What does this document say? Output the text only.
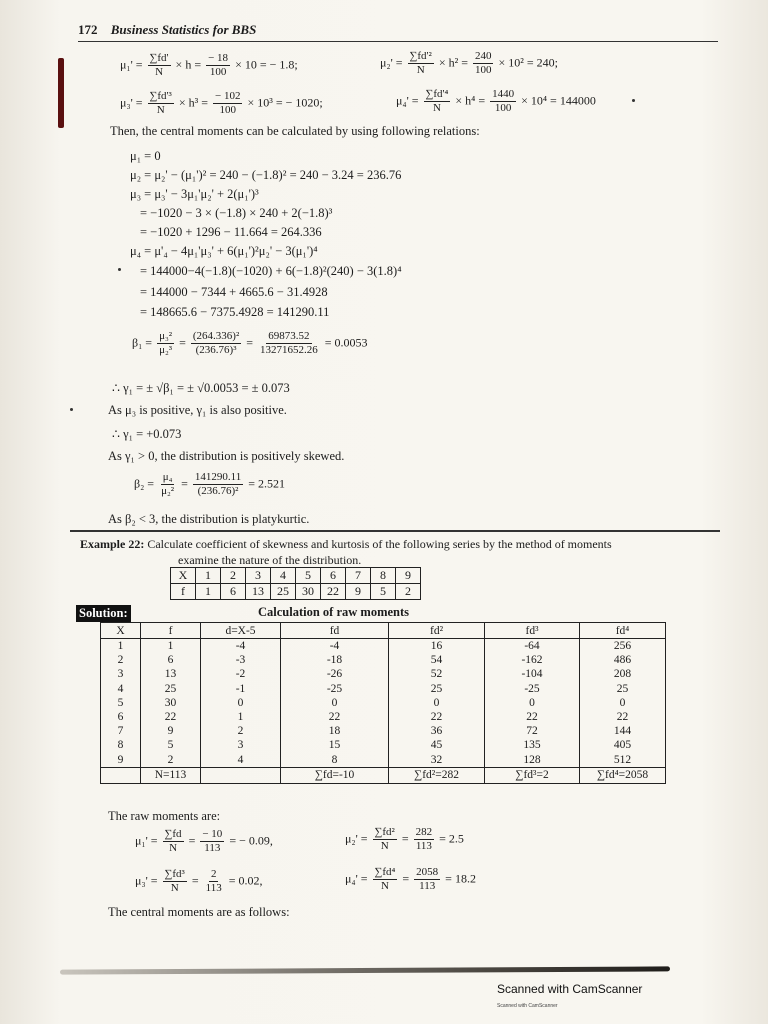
172 Business Statistics for BBS
$\mu_1' = \frac{\sum fd'}{N} \times h = \frac{- 18}{100} \times 10$ = − 1.8;	$\mu_2' = \frac{\text{∑fd'²}}{N} \times h^2 = \frac{240}{100} \times 10^2 = 240$;
$\mu_3' = \frac{\text{∑fd'³}}{N} \times h^3 = \frac{- 102}{100} \times 10^3$ = − 1020;	$\mu_4' = \frac{\text{∑fd'⁴}}{N} \times h^4 = \frac{1440}{100} \times 10^4 = 144000$
Then, the central moments can be calculated by using following relations:
μ₁ = 0
μ₂ = μ₂' − (μ₁')² = 240 − (−1.8)² = 240 − 3.24 = 236.76
μ₃ = μ₃' − 3μ₁'μ₂' + 2(μ₁')³
= −1020 − 3 × (−1.8) × 240 + 2(−1.8)³
= −1020 + 1296 − 11.664 = 264.336
μ₄ = μ'₄ − 4μ₁'μ₃' + 6(μ₁')²μ₂' − 3(μ₁')⁴
= 144000−4(−1.8)(−1020) + 6(−1.8)²(240) − 3(1.8)⁴
= 144000 − 7344 + 4665.6 − 31.4928
= 148665.6 − 7375.4928 = 141290.11
$\beta_1 = \frac{\text{μ₃²}}{\text{μ₂³}} = \frac{\text{(264.336)²}}{\text{(236.76)³}} = \frac{69873.52}{13271652.26} = 0.0053$
∴ γ₁ = ± √β₁ = ± √0.0053 = ± 0.073
As μ₃ is positive, γ₁ is also positive.
∴ γ₁ = +0.073
As γ₁ > 0, the distribution is positively skewed.
$\beta_2 = \frac{\text{μ₄}}{\text{μ₂²}} = \frac{141290.11}{\text{(236.76)²}} = 2.521$
As β₂ < 3, the distribution is platykurtic.
Example 22: Calculate coefficient of skewness and kurtosis of the following series by the method of moments
examine the nature of the distribution.
X	1	2	3	4	5	6	7	8	9
f	1	6	13	25	30	22	9	5	2
Solution:	Calculation of raw moments
X	f	d=X-5	fd	fd²	fd³	fd⁴
1	1	-4	-4	16	-64	256
2	6	-3	-18	54	-162	486
3	13	-2	-26	52	-104	208
4	25	-1	-25	25	-25	25
5	30	0	0	0	0	0
6	22	1	22	22	22	22
7	9	2	18	36	72	144
8	5	3	15	45	135	405
9	2	4	8	32	128	512
	N=113		∑fd=-10	∑fd²=282	∑fd³=2	∑fd⁴=2058
The raw moments are:
$\mu_1' = \frac{\sum fd}{N} = \frac{- 10}{113}$ = − 0.09,	$\mu_2' = \frac{\text{∑fd²}}{N} = \frac{282}{113} = 2.5$
$\mu_3' = \frac{\text{∑fd³}}{N} = \frac{2}{113} = 0.02$,	$\mu_4' = \frac{\text{∑fd⁴}}{N} = \frac{2058}{113} = 18.2$
The central moments are as follows:
Scanned with CamScanner
Scanned with CamScanner
